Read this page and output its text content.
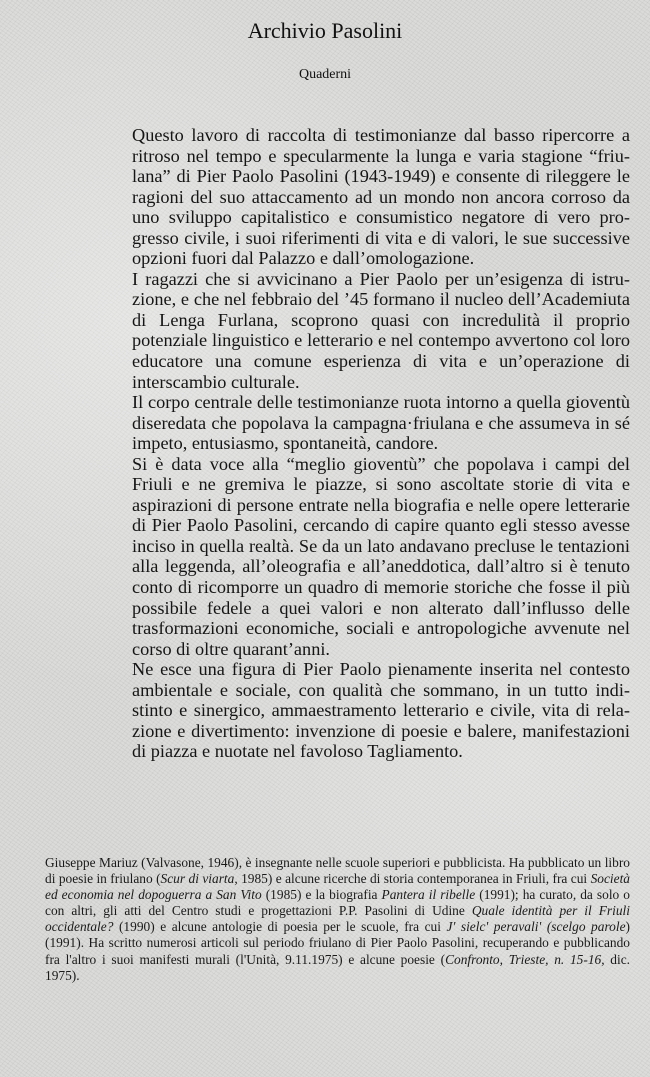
Archivio Pasolini
Quaderni

Questo lavoro di raccolta di testimonianze dal basso ripercorre a ritroso nel tempo e specularmente la lunga e varia stagione “friulana” di Pier Paolo Pasolini (1943-1949) e consente di rileggere le ragioni del suo attaccamento ad un mondo non ancora corroso da uno sviluppo capitalistico e consumistico negatore di vero progresso civile, i suoi riferimenti di vita e di valori, le sue successive opzioni fuori dal Palazzo e dall’omologazione.

I ragazzi che si avvicinano a Pier Paolo per un’esigenza di istruzione, e che nel febbraio del ’45 formano il nucleo dell’Academiuta di Lenga Furlana, scoprono quasi con incredulità il proprio potenziale linguistico e letterario e nel contempo avvertono col loro educatore una comune esperienza di vita e un’operazione di interscambio culturale.

Il corpo centrale delle testimonianze ruota intorno a quella gioventù diseredata che popolava la campagna·friulana e che assumeva in sé impeto, entusiasmo, spontaneità, candore.

Si è data voce alla “meglio gioventù” che popolava i campi del Friuli e ne gremiva le piazze, si sono ascoltate storie di vita e aspirazioni di persone entrate nella biografia e nelle opere letterarie di Pier Paolo Pasolini, cercando di capire quanto egli stesso avesse inciso in quella realtà. Se da un lato andavano precluse le tentazioni alla leggenda, all’oleografia e all’aneddotica, dall’altro si è tenuto conto di ricomporre un quadro di memorie storiche che fosse il più possibile fedele a quei valori e non alterato dall’influsso delle trasformazioni economiche, sociali e antropologiche avvenute nel corso di oltre quarant’anni.

Ne esce una figura di Pier Paolo pienamente inserita nel contesto ambientale e sociale, con qualità che sommano, in un tutto indistinto e sinergico, ammaestramento letterario e civile, vita di relazione e divertimento: invenzione di poesie e balere, manifestazioni di piazza e nuotate nel favoloso Tagliamento.

Giuseppe Mariuz (Valvasone, 1946), è insegnante nelle scuole superiori e pubblicista. Ha pubblicato un libro di poesie in friulano (Scur di viarta, 1985) e alcune ricerche di storia contemporanea in Friuli, fra cui Società ed economia nel dopoguerra a San Vito (1985) e la biografia Pantera il ribelle (1991); ha curato, da solo o con altri, gli atti del Centro studi e progettazioni P.P. Pasolini di Udine Quale identità per il Friuli occidentale? (1990) e alcune antologie di poesia per le scuole, fra cui J' sielc' peravali' (scelgo parole) (1991). Ha scritto numerosi articoli sul periodo friulano di Pier Paolo Pasolini, recuperando e pubblicando fra l'altro i suoi manifesti murali (l'Unità, 9.11.1975) e alcune poesie (Confronto, Trieste, n. 15-16, dic. 1975).
